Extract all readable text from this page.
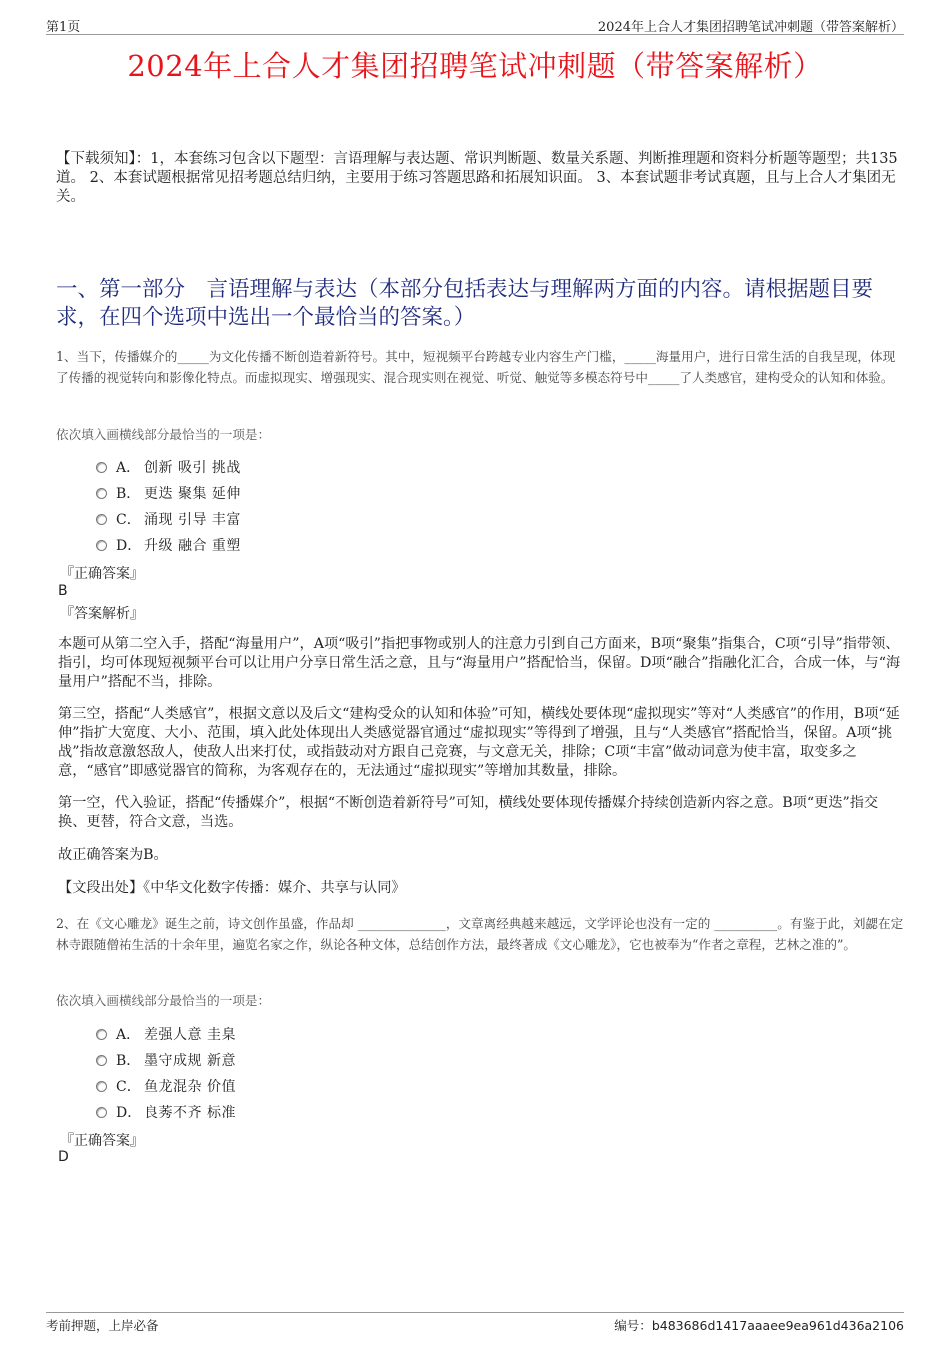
第1页	2024年上合人才集团招聘笔试冲刺题（带答案解析）
2024年上合人才集团招聘笔试冲刺题（带答案解析）
【下载须知】：1，本套练习包含以下题型：言语理解与表达题、常识判断题、数量关系题、判断推理题和资料分析题等题型；共135道。 2、本套试题根据常见招考题总结归纳，主要用于练习答题思路和拓展知识面。 3、本套试题非考试真题，且与上合人才集团无关。
一、第一部分　言语理解与表达（本部分包括表达与理解两方面的内容。请根据题目要求，在四个选项中选出一个最恰当的答案。）
1、当下，传播媒介的_____为文化传播不断创造着新符号。其中，短视频平台跨越专业内容生产门槛，_____海量用户，进行日常生活的自我呈现，体现了传播的视觉转向和影像化特点。而虚拟现实、增强现实、混合现实则在视觉、听觉、触觉等多模态符号中_____了人类感官，建构受众的认知和体验。
依次填入画横线部分最恰当的一项是：
A． 创新 吸引 挑战
B． 更迭 聚集 延伸
C． 涌现 引导 丰富
D． 升级 融合 重塑
『正确答案』
B
『答案解析』
本题可从第二空入手，搭配“海量用户”，A项“吸引”指把事物或别人的注意力引到自己方面来，B项“聚集”指集合，C项“引导”指带领、指引，均可体现短视频平台可以让用户分享日常生活之意，且与“海量用户”搭配恰当，保留。D项“融合”指融化汇合，合成一体，与“海量用户”搭配不当，排除。
第三空，搭配“人类感官”，根据文意以及后文“建构受众的认知和体验”可知，横线处要体现“虚拟现实”等对“人类感官”的作用，B项“延伸”指扩大宽度、大小、范围，填入此处体现出人类感觉器官通过“虚拟现实”等得到了增强，且与“人类感官”搭配恰当，保留。A项“挑战”指故意激怒敌人，使敌人出来打仗，或指鼓动对方跟自己竞赛，与文意无关，排除；C项“丰富”做动词意为使丰富，取变多之意，“感官”即感觉器官的简称，为客观存在的，无法通过“虚拟现实”等增加其数量，排除。
第一空，代入验证，搭配“传播媒介”，根据“不断创造着新符号”可知，横线处要体现传播媒介持续创造新内容之意。B项“更迭”指交换、更替，符合文意，当选。
故正确答案为B。
【文段出处】《中华文化数字传播：媒介、共享与认同》
2、在《文心雕龙》诞生之前，诗文创作虽盛，作品却 ______________，文章离经典越来越远，文学评论也没有一定的 __________。有鉴于此，刘勰在定林寺跟随僧祐生活的十余年里，遍览名家之作，纵论各种文体，总结创作方法，最终著成《文心雕龙》，它也被奉为“作者之章程，艺林之准的”。
依次填入画横线部分最恰当的一项是：
A． 差强人意 圭臬
B． 墨守成规 新意
C． 鱼龙混杂 价值
D． 良莠不齐 标准
『正确答案』
D
考前押题，上岸必备	编号：b483686d1417aaaee9ea961d436a2106
